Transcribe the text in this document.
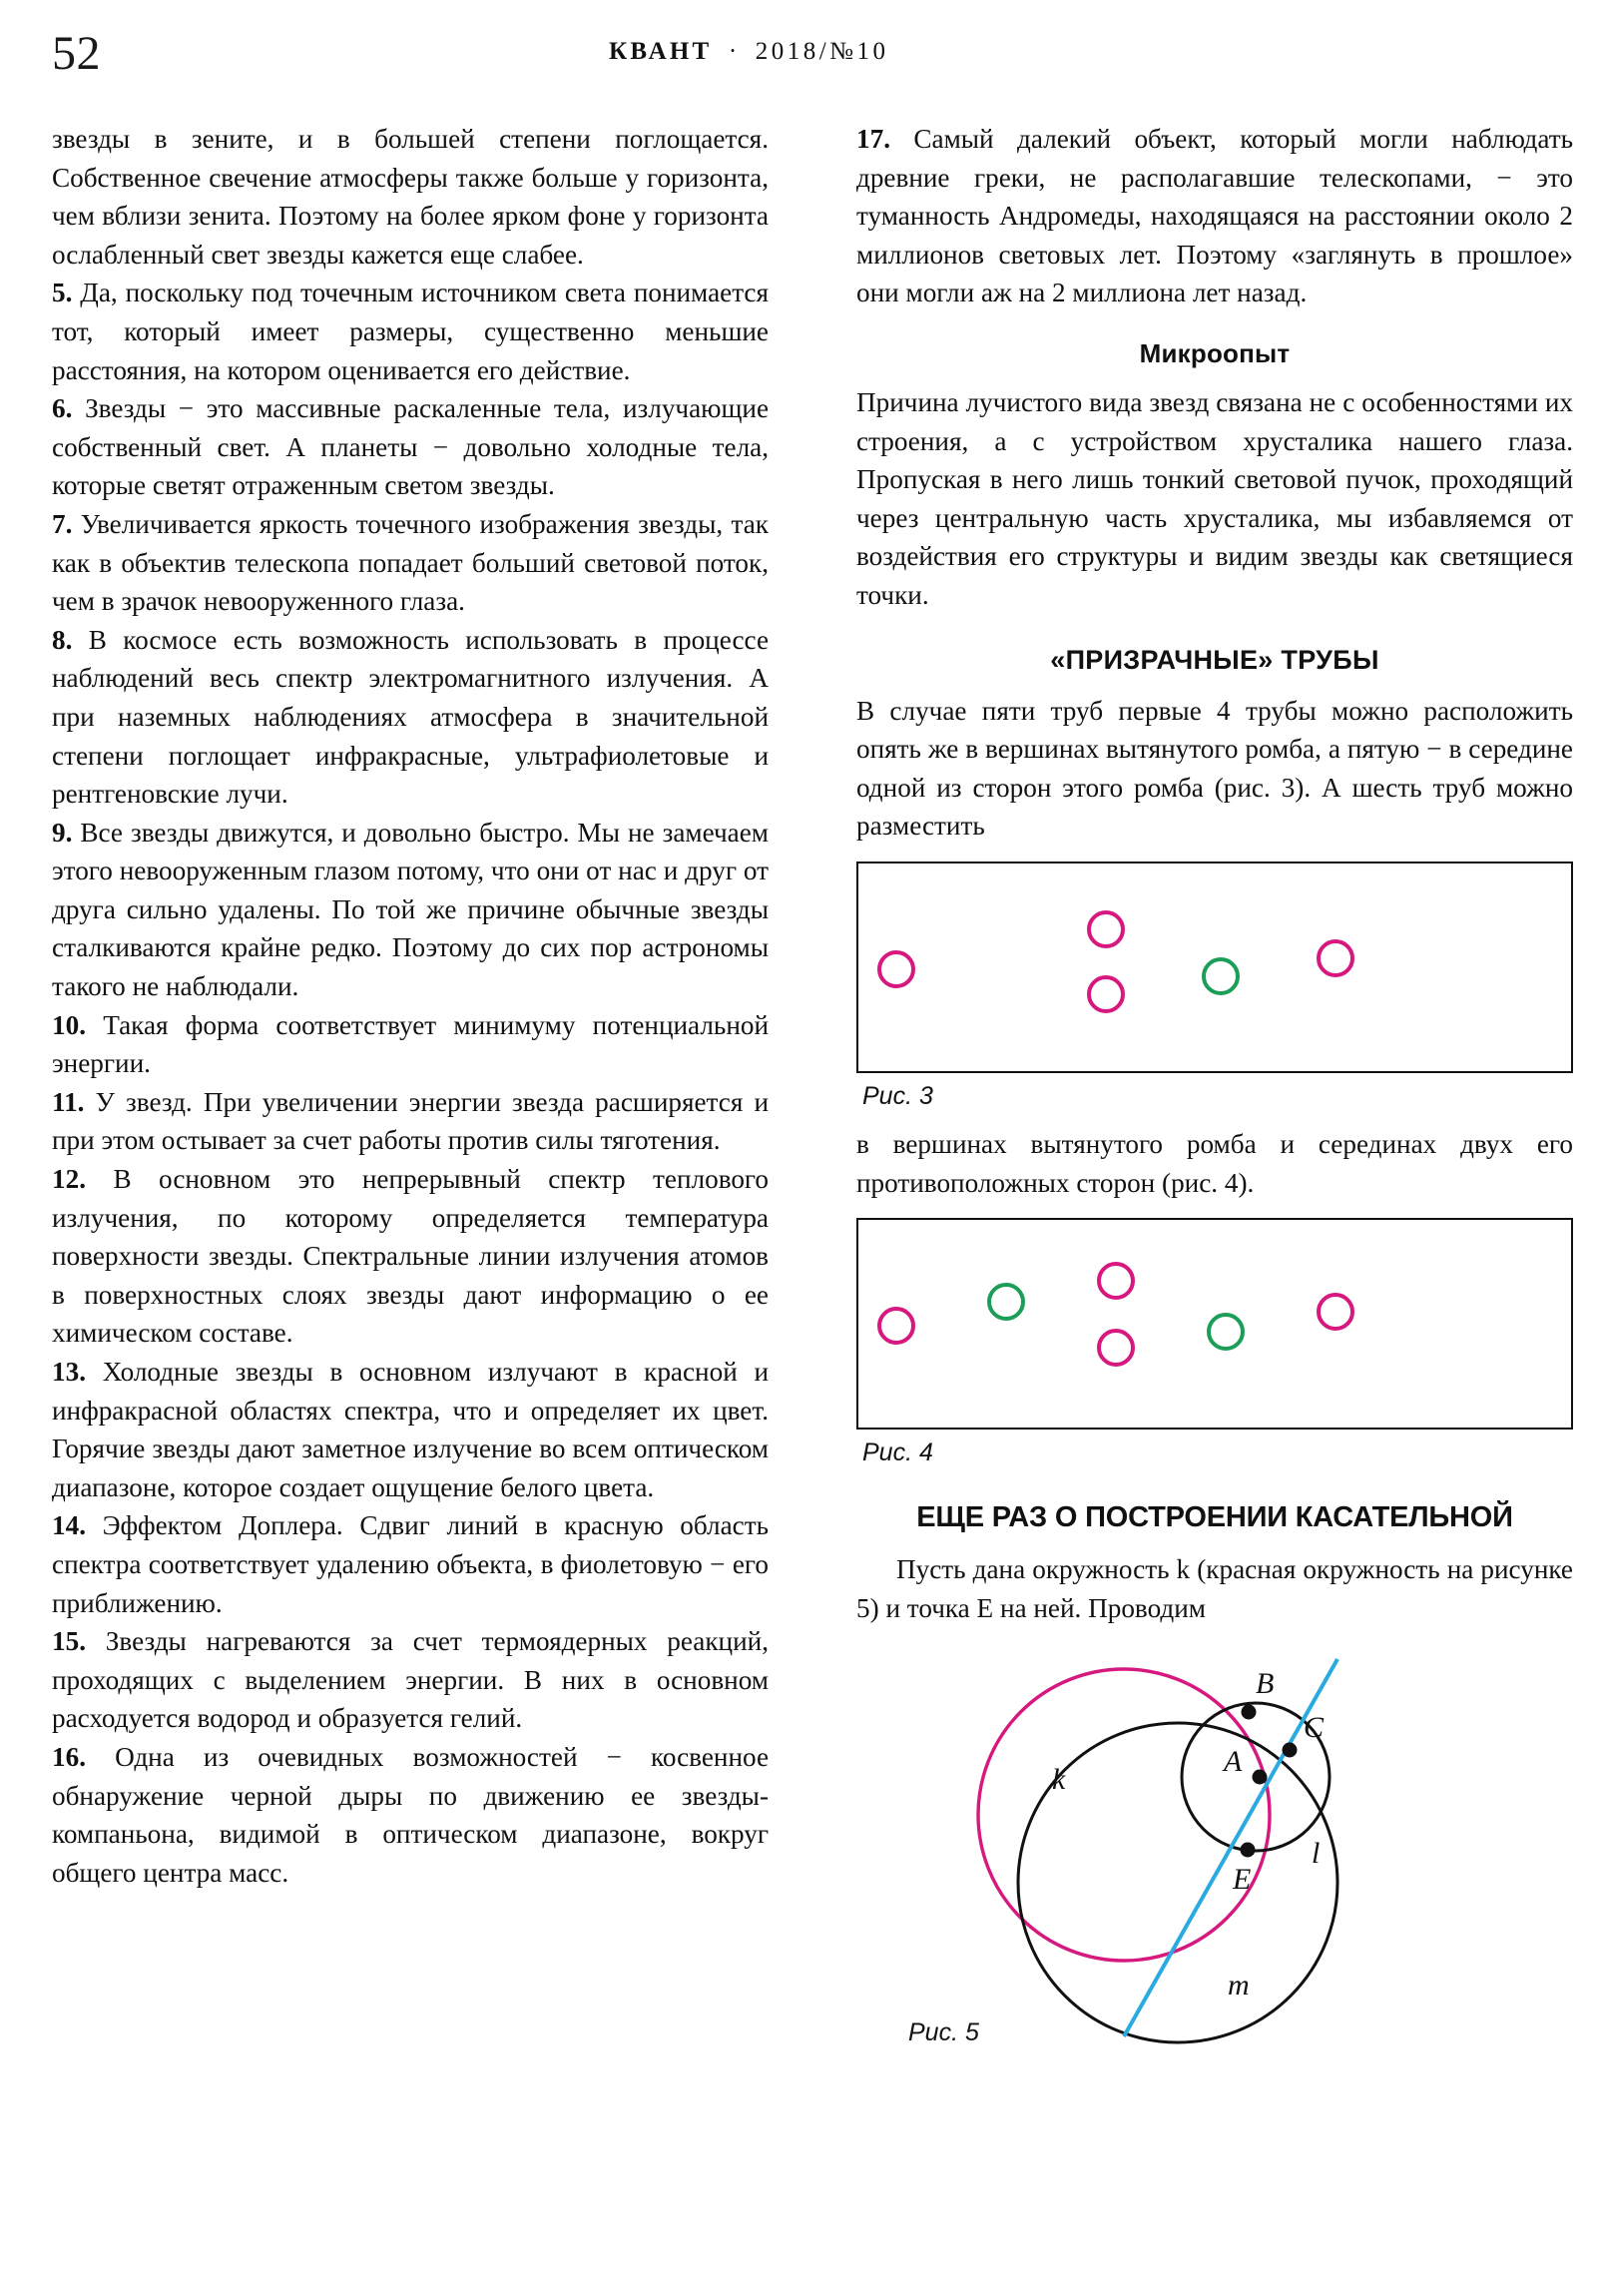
52	КВАНТ · 2018/№10

звезды в зените, и в большей степени поглощается. Собственное свечение атмосферы также больше у горизонта, чем вблизи зенита. Поэтому на более ярком фоне у горизонта ослабленный свет звезды кажется еще слабее.

5. Да, поскольку под точечным источником света понимается тот, который имеет размеры, существенно меньшие расстояния, на котором оценивается его действие.

6. Звезды − это массивные раскаленные тела, излучающие собственный свет. А планеты − довольно холодные тела, которые светят отраженным светом звезды.

7. Увеличивается яркость точечного изображения звезды, так как в объектив телескопа попадает больший световой поток, чем в зрачок невооруженного глаза.

8. В космосе есть возможность использовать в процессе наблюдений весь спектр электромагнитного излучения. А при наземных наблюдениях атмосфера в значительной степени поглощает инфракрасные, ультрафиолетовые и рентгеновские лучи.

9. Все звезды движутся, и довольно быстро. Мы не замечаем этого невооруженным глазом потому, что они от нас и друг от друга сильно удалены. По той же причине обычные звезды сталкиваются крайне редко. Поэтому до сих пор астрономы такого не наблюдали.

10. Такая форма соответствует минимуму потенциальной энергии.

11. У звезд. При увеличении энергии звезда расширяется и при этом остывает за счет работы против силы тяготения.

12. В основном это непрерывный спектр теплового излучения, по которому определяется температура поверхности звезды. Спектральные линии излучения атомов в поверхностных слоях звезды дают информацию о ее химическом составе.

13. Холодные звезды в основном излучают в красной и инфракрасной областях спектра, что и определяет их цвет. Горячие звезды дают заметное излучение во всем оптическом диапазоне, которое создает ощущение белого цвета.

14. Эффектом Доплера. Сдвиг линий в красную область спектра соответствует удалению объекта, в фиолетовую − его приближению.

15. Звезды нагреваются за счет термоядерных реакций, проходящих с выделением энергии. В них в основном расходуется водород и образуется гелий.

16. Одна из очевидных возможностей − косвенное обнаружение черной дыры по движению ее звезды-компаньона, видимой в оптическом диапазоне, вокруг общего центра масс.

17. Самый далекий объект, который могли наблюдать древние греки, не располагавшие телескопами, − это туманность Андромеды, находящаяся на расстоянии около 2 миллионов световых лет. Поэтому «заглянуть в прошлое» они могли аж на 2 миллиона лет назад.

Микроопыт

Причина лучистого вида звезд связана не с особенностями их строения, а с устройством хрусталика нашего глаза. Пропуская в него лишь тонкий световой пучок, проходящий через центральную часть хрусталика, мы избавляемся от воздействия его структуры и видим звезды как светящиеся точки.

«ПРИЗРАЧНЫЕ» ТРУБЫ

В случае пяти труб первые 4 трубы можно расположить опять же в вершинах вытянутого ромба, а пятую − в середине одной из сторон этого ромба (рис. 3). А шесть труб можно разместить

Рис. 3

в вершинах вытянутого ромба и серединах двух его противоположных сторон (рис. 4).

Рис. 4
ЕЩЕ РАЗ О ПОСТРОЕНИИ КАСАТЕЛЬНОЙ

Пусть дана окружность k (красная окружность на рисунке 5) и точка E на ней. Проводим

k
B
C
A
E
l
m
Рис. 5
